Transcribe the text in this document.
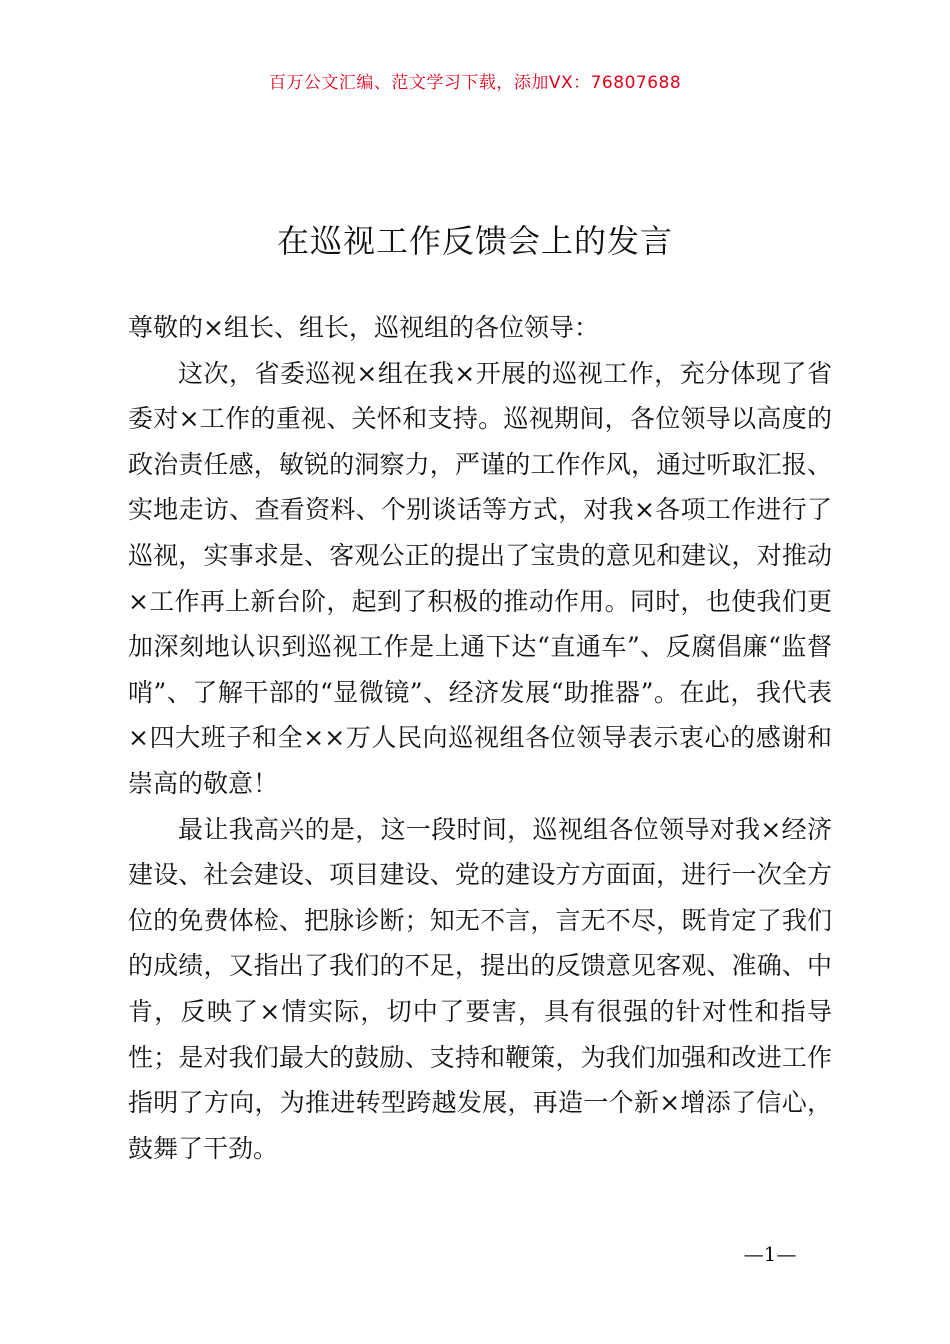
百万公文汇编、范文学习下载，添加VX：76807688
在巡视工作反馈会上的发言

尊敬的×组长、组长，巡视组的各位领导：

这次，省委巡视×组在我×开展的巡视工作，充分体现了省委对×工作的重视、关怀和支持。巡视期间，各位领导以高度的政治责任感，敏锐的洞察力，严谨的工作作风，通过听取汇报、实地走访、查看资料、个别谈话等方式，对我×各项工作进行了巡视，实事求是、客观公正的提出了宝贵的意见和建议，对推动×工作再上新台阶，起到了积极的推动作用。同时，也使我们更加深刻地认识到巡视工作是上通下达“直通车”、反腐倡廉“监督哨”、了解干部的“显微镜”、经济发展“助推器”。在此，我代表×四大班子和全××万人民向巡视组各位领导表示衷心的感谢和崇高的敬意！

最让我高兴的是，这一段时间，巡视组各位领导对我×经济建设、社会建设、项目建设、党的建设方方面面，进行一次全方位的免费体检、把脉诊断；知无不言，言无不尽，既肯定了我们的成绩，又指出了我们的不足，提出的反馈意见客观、准确、中肯，反映了×情实际，切中了要害，具有很强的针对性和指导性；是对我们最大的鼓励、支持和鞭策，为我们加强和改进工作指明了方向，为推进转型跨越发展，再造一个新×增添了信心，鼓舞了干劲。

—1—
